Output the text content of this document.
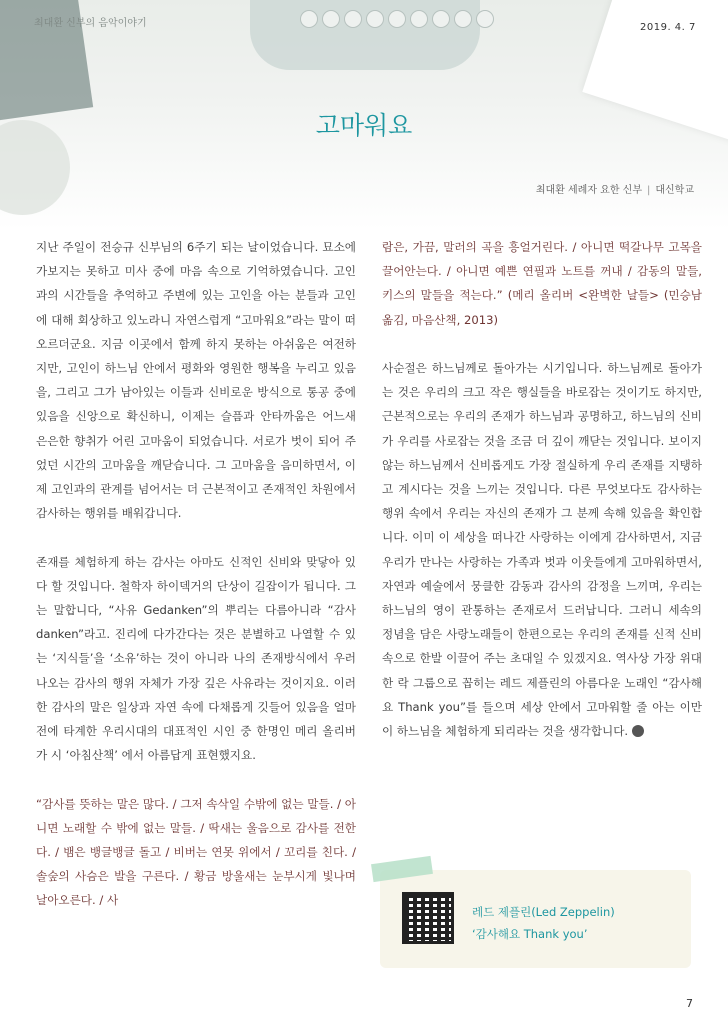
최대환 신부의 음악이야기	2019. 4. 7
고마워요
최대환 세례자 요한 신부 | 대신학교

지난 주일이 전승규 신부님의 6주기 되는 날이었습니다. 묘소에 가보지는 못하고 미사 중에 마음 속으로 기억하였습니다. 고인과의 시간들을 추억하고 주변에 있는 고인을 아는 분들과 고인에 대해 회상하고 있노라니 자연스럽게 “고마워요”라는 말이 떠오르더군요. 지금 이곳에서 함께 하지 못하는 아쉬움은 여전하지만, 고인이 하느님 안에서 평화와 영원한 행복을 누리고 있음을, 그리고 그가 남아있는 이들과 신비로운 방식으로 통공 중에 있음을 신앙으로 확신하니, 이제는 슬픔과 안타까움은 어느새 은은한 향취가 어린 고마움이 되었습니다. 서로가 벗이 되어 주었던 시간의 고마움을 깨닫습니다. 그 고마움을 음미하면서, 이제 고인과의 관계를 넘어서는 더 근본적이고 존재적인 차원에서 감사하는 행위를 배워갑니다.

존재를 체험하게 하는 감사는 아마도 신적인 신비와 맞닿아 있다 할 것입니다. 철학자 하이덱거의 단상이 길잡이가 됩니다. 그는 말합니다, “사유 Gedanken”의 뿌리는 다름아니라 “감사 danken”라고. 진리에 다가간다는 것은 분별하고 나열할 수 있는 ‘지식들’을 ‘소유’하는 것이 아니라 나의 존재방식에서 우러나오는 감사의 행위 자체가 가장 깊은 사유라는 것이지요. 이러한 감사의 말은 일상과 자연 속에 다채롭게 깃들어 있음을 얼마 전에 타계한 우리시대의 대표적인 시인 중 한명인 메리 올리버가 시 ‘아침산책’ 에서 아름답게 표현했지요.

“감사를 뜻하는 말은 많다. / 그저 속삭일 수밖에 없는 말들. / 아니면 노래할 수 밖에 없는 말들. / 딱새는 울음으로 감사를 전한다. / 뱀은 뱅글뱅글 돌고 / 비버는 연못 위에서 / 꼬리를 친다. / 솔숲의 사슴은 발을 구른다. / 황금 방울새는 눈부시게 빛나며 날아오른다. / 사

람은, 가끔, 말러의 곡을 흥얼거린다. / 아니면 떡갈나무 고목을 끌어안는다. / 아니면 예쁜 연필과 노트를 꺼내 / 감동의 말들, 키스의 말들을 적는다.” (메리 올리버 <완벽한 날들> (민승남 옮김, 마음산책, 2013)

사순절은 하느님께로 돌아가는 시기입니다. 하느님께로 돌아가는 것은 우리의 크고 작은 행실들을 바로잡는 것이기도 하지만, 근본적으로는 우리의 존재가 하느님과 공명하고, 하느님의 신비가 우리를 사로잡는 것을 조금 더 깊이 깨닫는 것입니다. 보이지 않는 하느님께서 신비롭게도 가장 절실하게 우리 존재를 지탱하고 계시다는 것을 느끼는 것입니다. 다른 무엇보다도 감사하는 행위 속에서 우리는 자신의 존재가 그 분께 속해 있음을 확인합니다. 이미 이 세상을 떠나간 사랑하는 이에게 감사하면서, 지금 우리가 만나는 사랑하는 가족과 벗과 이웃들에게 고마워하면서, 자연과 예술에서 뭉클한 감동과 감사의 감정을 느끼며, 우리는 하느님의 영이 관통하는 존재로서 드러납니다. 그러니 세속의 정념을 담은 사랑노래들이 한편으로는 우리의 존재를 신적 신비 속으로 한발 이끌어 주는 초대일 수 있겠지요. 역사상 가장 위대한 락 그룹으로 꼽히는 레드 제플린의 아름다운 노래인 “감사해요 Thank you”를 들으며 세상 안에서 고마워할 줄 아는 이만이 하느님을 체험하게 되리라는 것을 생각합니다.

레드 제플린(Led Zeppelin)
‘감사해요 Thank you’
7
